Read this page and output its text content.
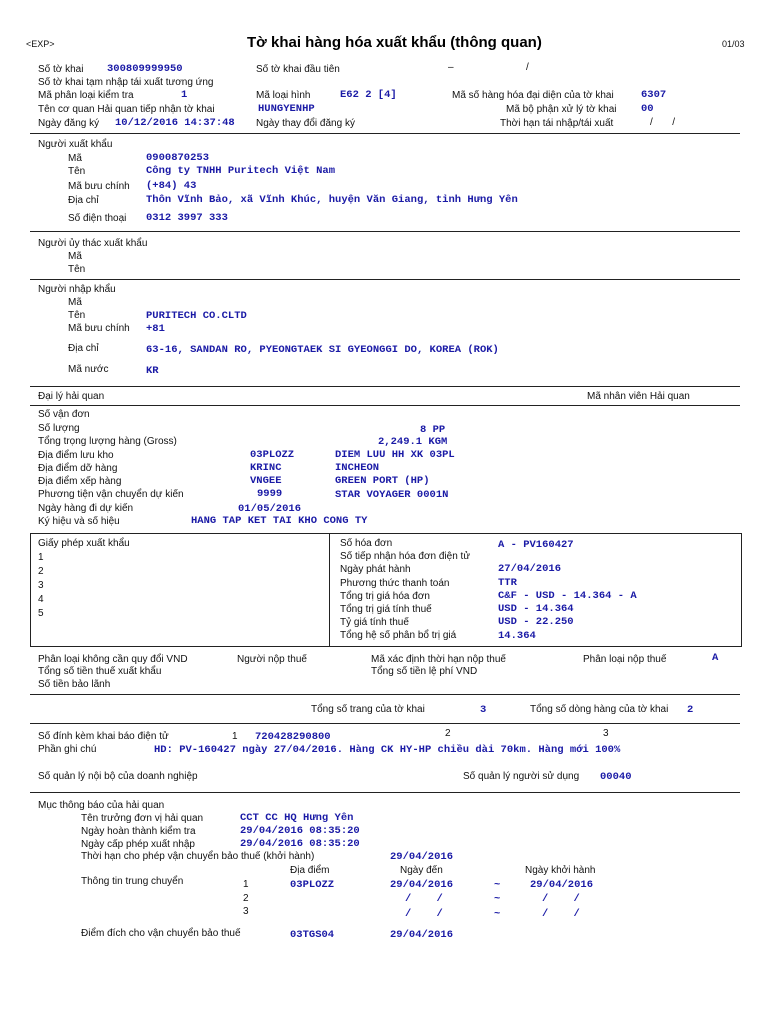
<EXP>	Tờ khai hàng hóa xuất khẩu (thông quan)	01/03
Số tờ khai 300809999950	Số tờ khai đầu tiên	–	/
Số tờ khai tạm nhập tái xuất tương ứng
Mã phân loại kiểm tra	1	Mã loại hình	E62 2 [4]	Mã số hàng hóa đại diện của tờ khai	6307
Tên cơ quan Hải quan tiếp nhận tờ khai	HUNGYENHP	Mã bộ phận xử lý tờ khai 00
Ngày đăng ký 10/12/2016 14:37:48 Ngày thay đổi đăng ký	Thời hạn tái nhập/tái xuất	/       /
Người xuất khẩu
Mã	0900870253
Tên	Công ty TNHH Puritech Việt Nam
Mã bưu chính (+84) 43
Địa chỉ	Thôn Vĩnh Bảo, xã Vĩnh Khúc, huyện Văn Giang, tỉnh Hưng Yên
Số điện thoại 0312 3997 333
Người ủy thác xuất khẩu
Mã
Tên
Người nhập khẩu
Mã
Tên	PURITECH CO.CLTD
Mã bưu chính +81
Địa chỉ	63-16, SANDAN RO, PYEONGTAEK SI GYEONGGI DO, KOREA (ROK)
Mã nước	KR
Đại lý hải quan	Mã nhân viên Hải quan
Số vận đơn
Số lượng	8 PP
Tổng trọng lượng hàng (Gross)	2,249.1 KGM
Địa điểm lưu kho	03PLOZZ	DIEM LUU HH XK 03PL
Địa điểm dỡ hàng	KRINC	INCHEON
Địa điểm xếp hàng	VNGEE	GREEN PORT (HP)
Phương tiện vận chuyển dự kiến	9999	STAR VOYAGER 0001N
Ngày hàng đi dự kiến	01/05/2016
Ký hiệu và số hiệu	HANG TAP KET TAI KHO CONG TY
Giấy phép xuất khẩu
1
2
3
4
5
Số hóa đơn	A - PV160427
Số tiếp nhận hóa đơn điện tử
Ngày phát hành	27/04/2016
Phương thức thanh toán	TTR
Tổng trị giá hóa đơn	C&F - USD - 14.364 - A
Tổng trị giá tính thuế	USD - 14.364
Tỷ giá tính thuế	USD - 22.250
Tổng hệ số phân bổ trị giá	14.364
Phân loại không cần quy đổi VND	Người nộp thuế	Mã xác định thời hạn nộp thuế	Phân loại nộp thuế	A
Tổng số tiền thuế xuất khẩu	Tổng số tiền lệ phí VND
Số tiền bảo lãnh
Tổng số trang của tờ khai	3	Tổng số dòng hàng của tờ khai 2
Số đính kèm khai báo điện tử	1 720428290800	2	3
Phần ghi chú	HD: PV-160427 ngày 27/04/2016. Hàng CK HY-HP chiều dài 70km. Hàng mới 100%
Số quản lý nội bộ của doanh nghiệp	Số quản lý người sử dụng 00040
Mục thông báo của hải quan
Tên trưởng đơn vị hải quan	CCT CC HQ Hưng Yên
Ngày hoàn thành kiểm tra	29/04/2016 08:35:20
Ngày cấp phép xuất nhập	29/04/2016 08:35:20
Thời hạn cho phép vận chuyển bảo thuế (khởi hành)	29/04/2016
Địa điểm	Ngày đến	Ngày khởi hành
Thông tin trung chuyển	1	03PLOZZ	29/04/2016	~	29/04/2016
2	/    /	~	/    /
3	/    /	~	/    /
Điểm đích cho vận chuyển bảo thuế	03TGS04	29/04/2016
